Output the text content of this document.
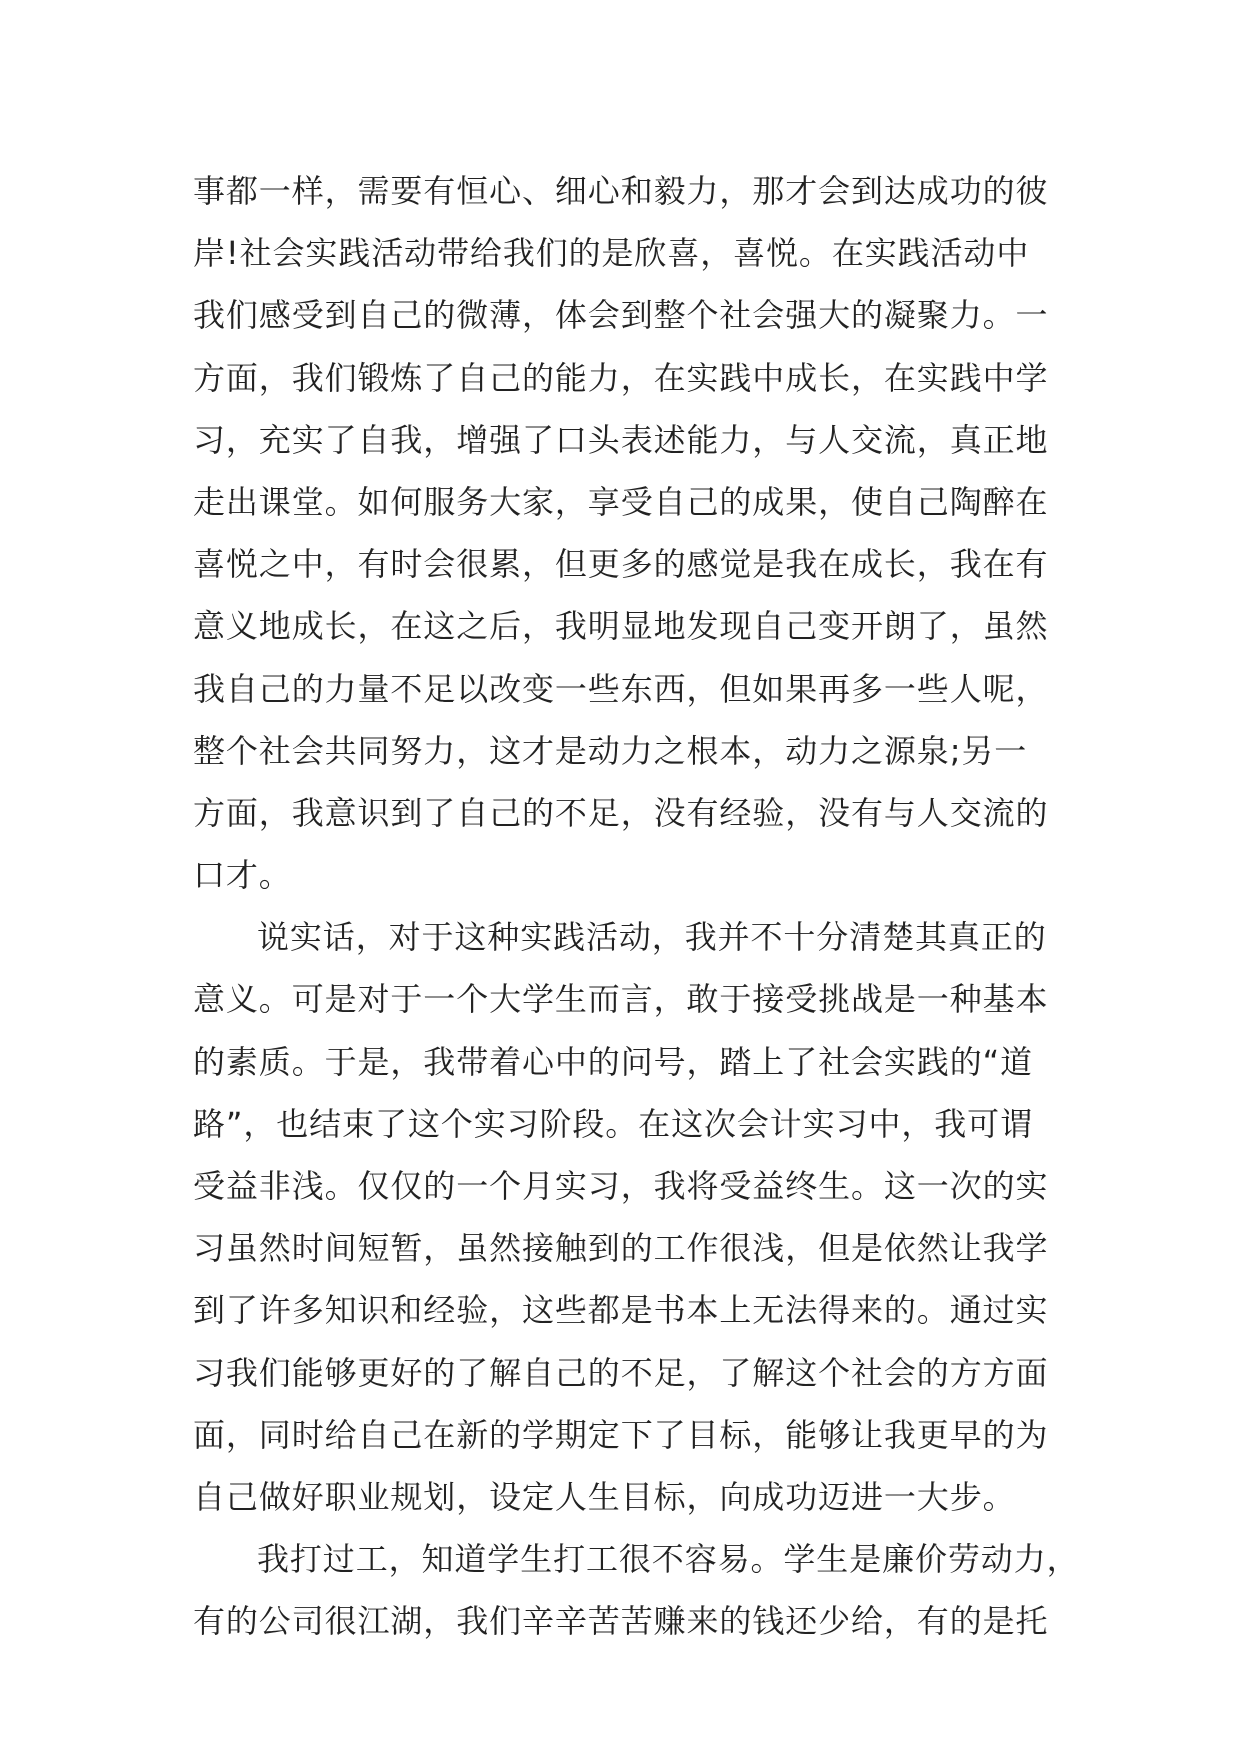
事都一样，需要有恒心、细心和毅力，那才会到达成功的彼
岸!社会实践活动带给我们的是欣喜，喜悦。在实践活动中
我们感受到自己的微薄，体会到整个社会强大的凝聚力。一
方面，我们锻炼了自己的能力，在实践中成长，在实践中学
习，充实了自我，增强了口头表述能力，与人交流，真正地
走出课堂。如何服务大家，享受自己的成果，使自己陶醉在
喜悦之中，有时会很累，但更多的感觉是我在成长，我在有
意义地成长，在这之后，我明显地发现自己变开朗了，虽然
我自己的力量不足以改变一些东西，但如果再多一些人呢，
整个社会共同努力，这才是动力之根本，动力之源泉;另一
方面，我意识到了自己的不足，没有经验，没有与人交流的
口才。
说实话，对于这种实践活动，我并不十分清楚其真正的
意义。可是对于一个大学生而言，敢于接受挑战是一种基本
的素质。于是，我带着心中的问号，踏上了社会实践的“道
路”，也结束了这个实习阶段。在这次会计实习中，我可谓
受益非浅。仅仅的一个月实习，我将受益终生。这一次的实
习虽然时间短暂，虽然接触到的工作很浅，但是依然让我学
到了许多知识和经验，这些都是书本上无法得来的。通过实
习我们能够更好的了解自己的不足，了解这个社会的方方面
面，同时给自己在新的学期定下了目标，能够让我更早的为
自己做好职业规划，设定人生目标，向成功迈进一大步。
我打过工，知道学生打工很不容易。学生是廉价劳动力，
有的公司很江湖，我们辛辛苦苦赚来的钱还少给，有的是托
